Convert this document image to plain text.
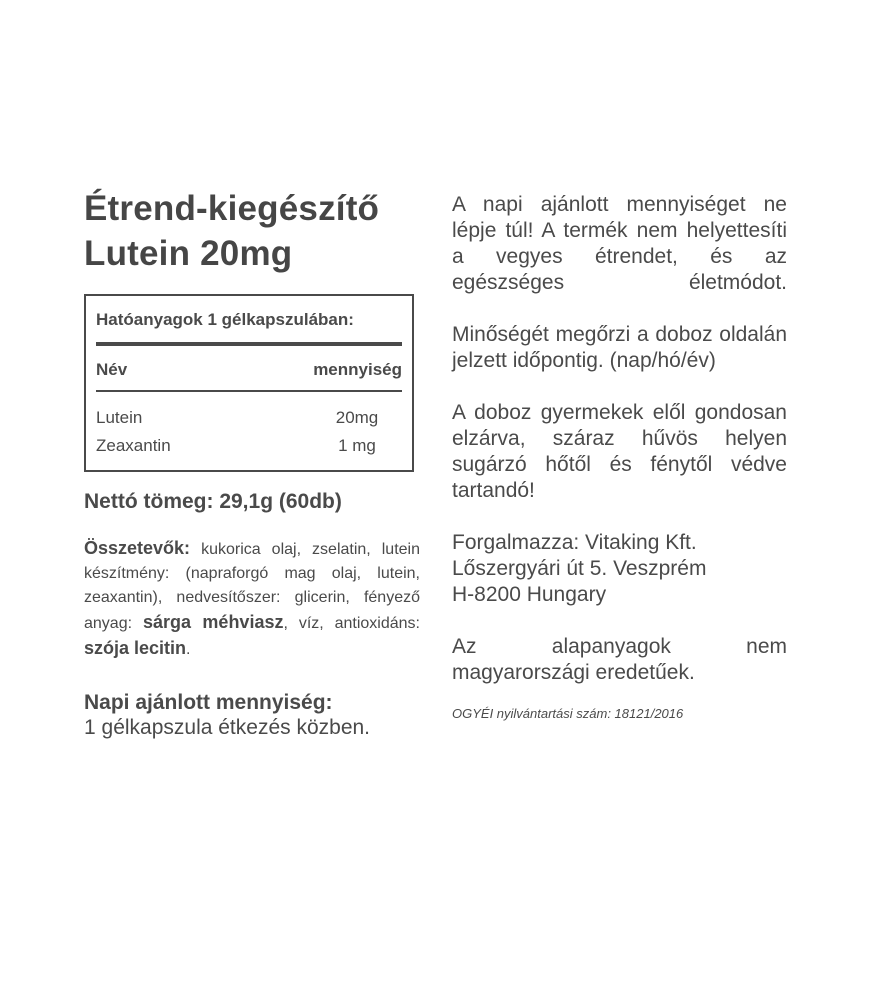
Étrend-kiegészítő
Lutein 20mg
Hatóanyagok 1 gélkapszulában:
Név	mennyiség
Lutein	20mg
Zeaxantin	1 mg
Nettó tömeg: 29,1g (60db)
Összetevők: kukorica olaj, zselatin, lutein készítmény: (napraforgó mag olaj, lutein, zeaxantin), nedvesítőszer: glicerin, fényező anyag: sárga méhviasz, víz, antioxidáns: szója lecitin.
Napi ajánlott mennyiség:
1 gélkapszula étkezés közben.

A napi ajánlott mennyiséget ne lépje túl! A termék nem helyettesíti a vegyes étrendet, és az egészséges életmódot.

Minőségét megőrzi a doboz oldalán jelzett időpontig. (nap/hó/év)

A doboz gyermekek elől gondosan elzárva, száraz hűvös helyen sugárzó hőtől és fénytől védve tartandó!

Forgalmazza: Vitaking Kft.
Lőszergyári út 5. Veszprém
H-8200 Hungary

Az alapanyagok nem magyarországi eredetűek.

OGYÉI nyilvántartási szám: 18121/2016
